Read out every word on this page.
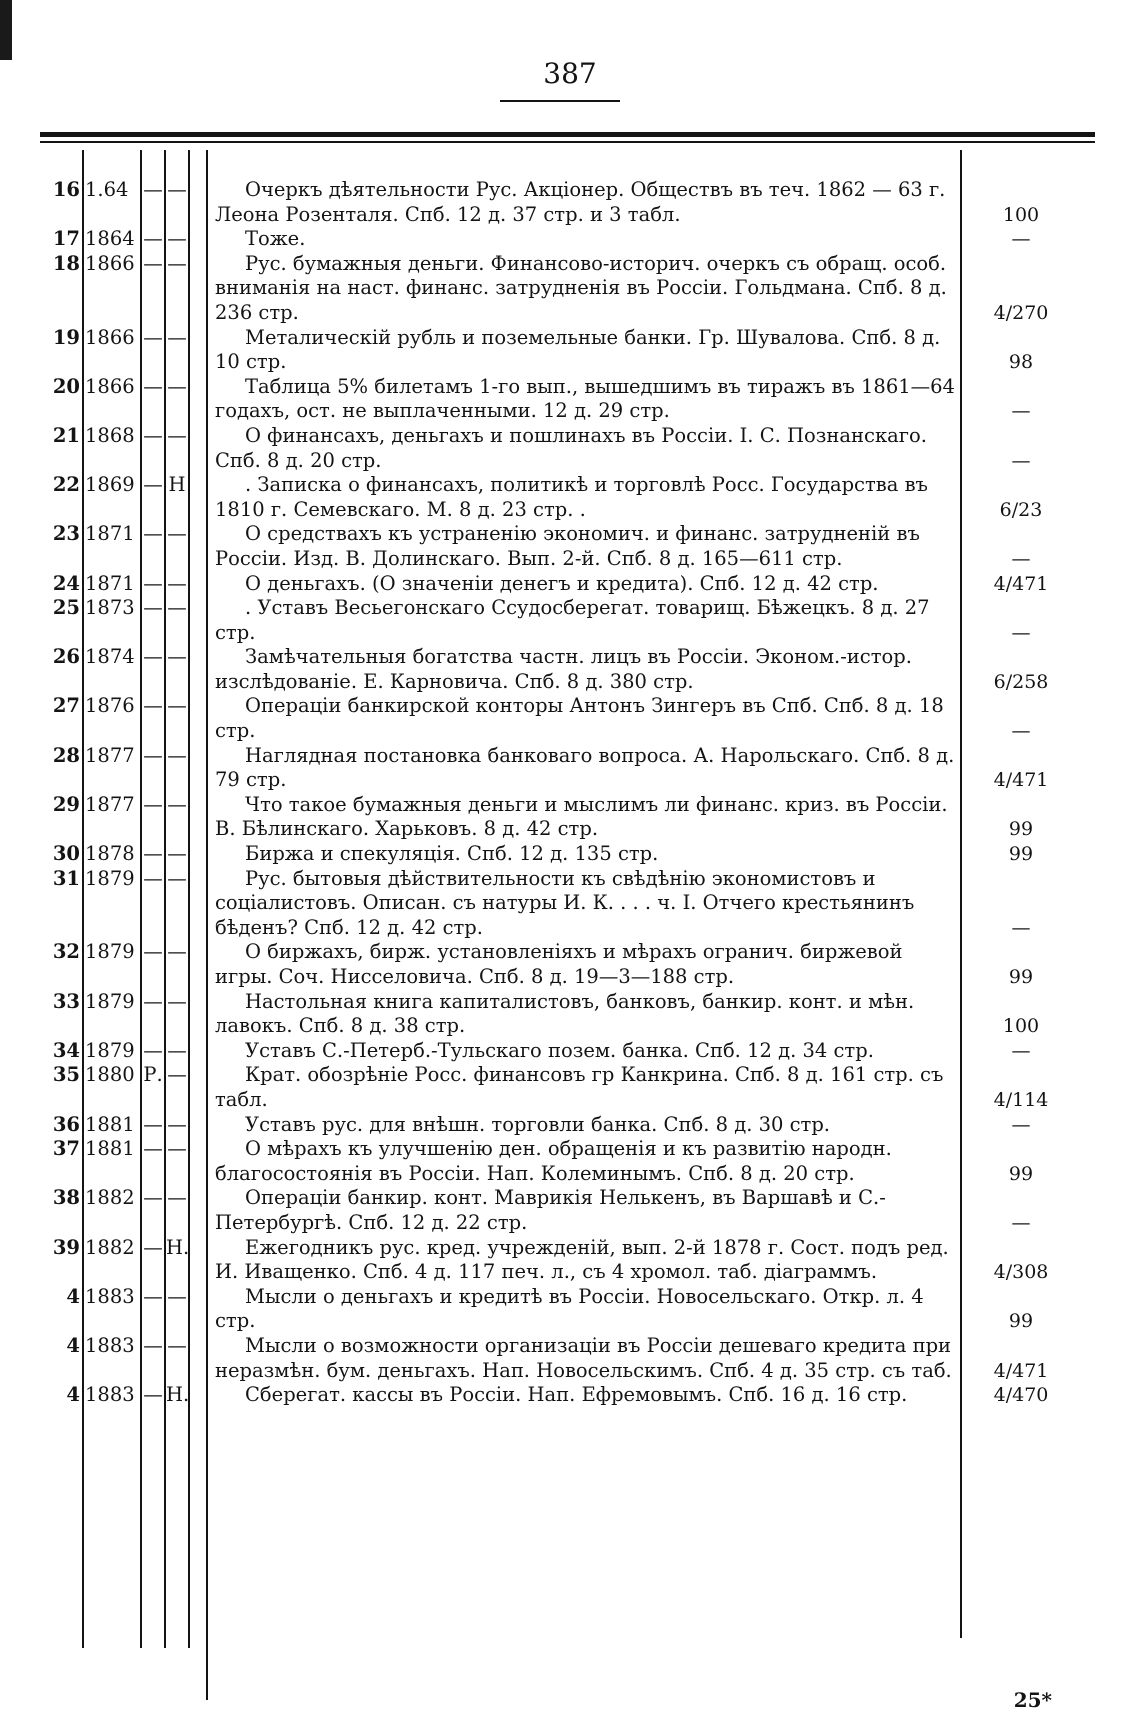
387
16 1.64 — —	Очеркъ дѣятельности Рус. Акціонер. Обществъ въ теч. 1862 — 63 г. Леона Розенталя. Спб. 12 д. 37 стр. и 3 табл.	100
17 1864 — —	Тоже.	—
18 1866 — —	Рус. бумажныя деньги. Финансово-историч. очеркъ съ обращ. особ. вниманія на наст. финанс. затрудненія въ Россіи. Гольдмана. Спб. 8 д. 236 стр.	4/270
19 1866 — —	Металическій рубль и поземельные банки. Гр. Шувалова. Спб. 8 д. 10 стр.	98
20 1866 — —	Таблица 5% билетамъ 1-го вып., вышедшимъ въ тиражъ въ 1861—64 годахъ, ост. не выплаченными. 12 д. 29 стр.	—
21 1868 — —	О финансахъ, деньгахъ и пошлинахъ въ Россіи. I. С. Познанскаго. Спб. 8 д. 20 стр.	—
22 1869 — Н	. Записка о финансахъ, политикѣ и торговлѣ Росс. Государства въ 1810 г. Семевскаго. М. 8 д. 23 стр. .	6/23
23 1871 — —	О средствахъ къ устраненію экономич. и финанс. затрудненій въ Россіи. Изд. В. Долинскаго. Вып. 2-й. Спб. 8 д. 165—611 стр.	—
24 1871 — —	О деньгахъ. (О значеніи денегъ и кредита). Спб. 12 д. 42 стр.	4/471
25 1873 — —	. Уставъ Весьегонскаго Ссудосберегат. товарищ. Бѣжецкъ. 8 д. 27 стр.	—
26 1874 — —	Замѣчательныя богатства частн. лицъ въ Россіи. Эконом.-истор. изслѣдованіе. Е. Карновича. Спб. 8 д. 380 стр.	6/258
27 1876 — —	Операціи банкирской конторы Антонъ Зингеръ въ Спб. Спб. 8 д. 18 стр.	—
28 1877 — —	Наглядная постановка банковаго вопроса. А. Нарольскаго. Спб. 8 д. 79 стр.	4/471
29 1877 — —	Что такое бумажныя деньги и мыслимъ ли финанс. криз. въ Россіи. В. Бѣлинскаго. Харьковъ. 8 д. 42 стр.	99
30 1878 — —	Биржа и спекуляція. Спб. 12 д. 135 стр.	99
31 1879 — —	Рус. бытовыя дѣйствительности къ свѣдѣнію экономистовъ и соціалистовъ. Описан. съ натуры И. К. . . . ч. I. Отчего крестьянинъ бѣденъ? Спб. 12 д. 42 стр.	—
32 1879 — —	О биржахъ, бирж. установленіяхъ и мѣрахъ огранич. биржевой игры. Соч. Нисселовича. Спб. 8 д. 19—3—188 стр.	99
33 1879 — —	Настольная книга капиталистовъ, банковъ, банкир. конт. и мѣн. лавокъ. Спб. 8 д. 38 стр.	100
34 1879 — —	Уставъ С.-Петерб.-Тульскаго позем. банка. Спб. 12 д. 34 стр.	—
35 1880 Р. —	Крат. обозрѣніе Росс. финансовъ гр Канкрина. Спб. 8 д. 161 стр. съ табл.	4/114
36 1881 — —	Уставъ рус. для внѣшн. торговли банка. Спб. 8 д. 30 стр.	—
37 1881 — —	О мѣрахъ къ улучшенію ден. обращенія и къ развитію народн. благосостоянія въ Россіи. Нап. Колеминымъ. Спб. 8 д. 20 стр.	99
38 1882 — —	Операціи банкир. конт. Маврикія Нелькенъ, въ Варшавѣ и С.-Петербургѣ. Спб. 12 д. 22 стр.	—
39 1882 — Н.	Ежегодникъ рус. кред. учрежденій, вып. 2-й 1878 г. Сост. подъ ред. И. Иващенко. Спб. 4 д. 117 печ. л., съ 4 хромол. таб. діаграммъ.	4/308
4 1883 — —	Мысли о деньгахъ и кредитѣ въ Россіи. Новосельскаго. Откр. л. 4 стр.	99
4 1883 — —	Мысли о возможности организаціи въ Россіи дешеваго кредита при неразмѣн. бум. деньгахъ. Нап. Новосельскимъ. Спб. 4 д. 35 стр. съ таб.	4/471
4 1883 — Н.	Сберегат. кассы въ Россіи. Нап. Ефремовымъ. Спб. 16 д. 16 стр.	4/470
25*
